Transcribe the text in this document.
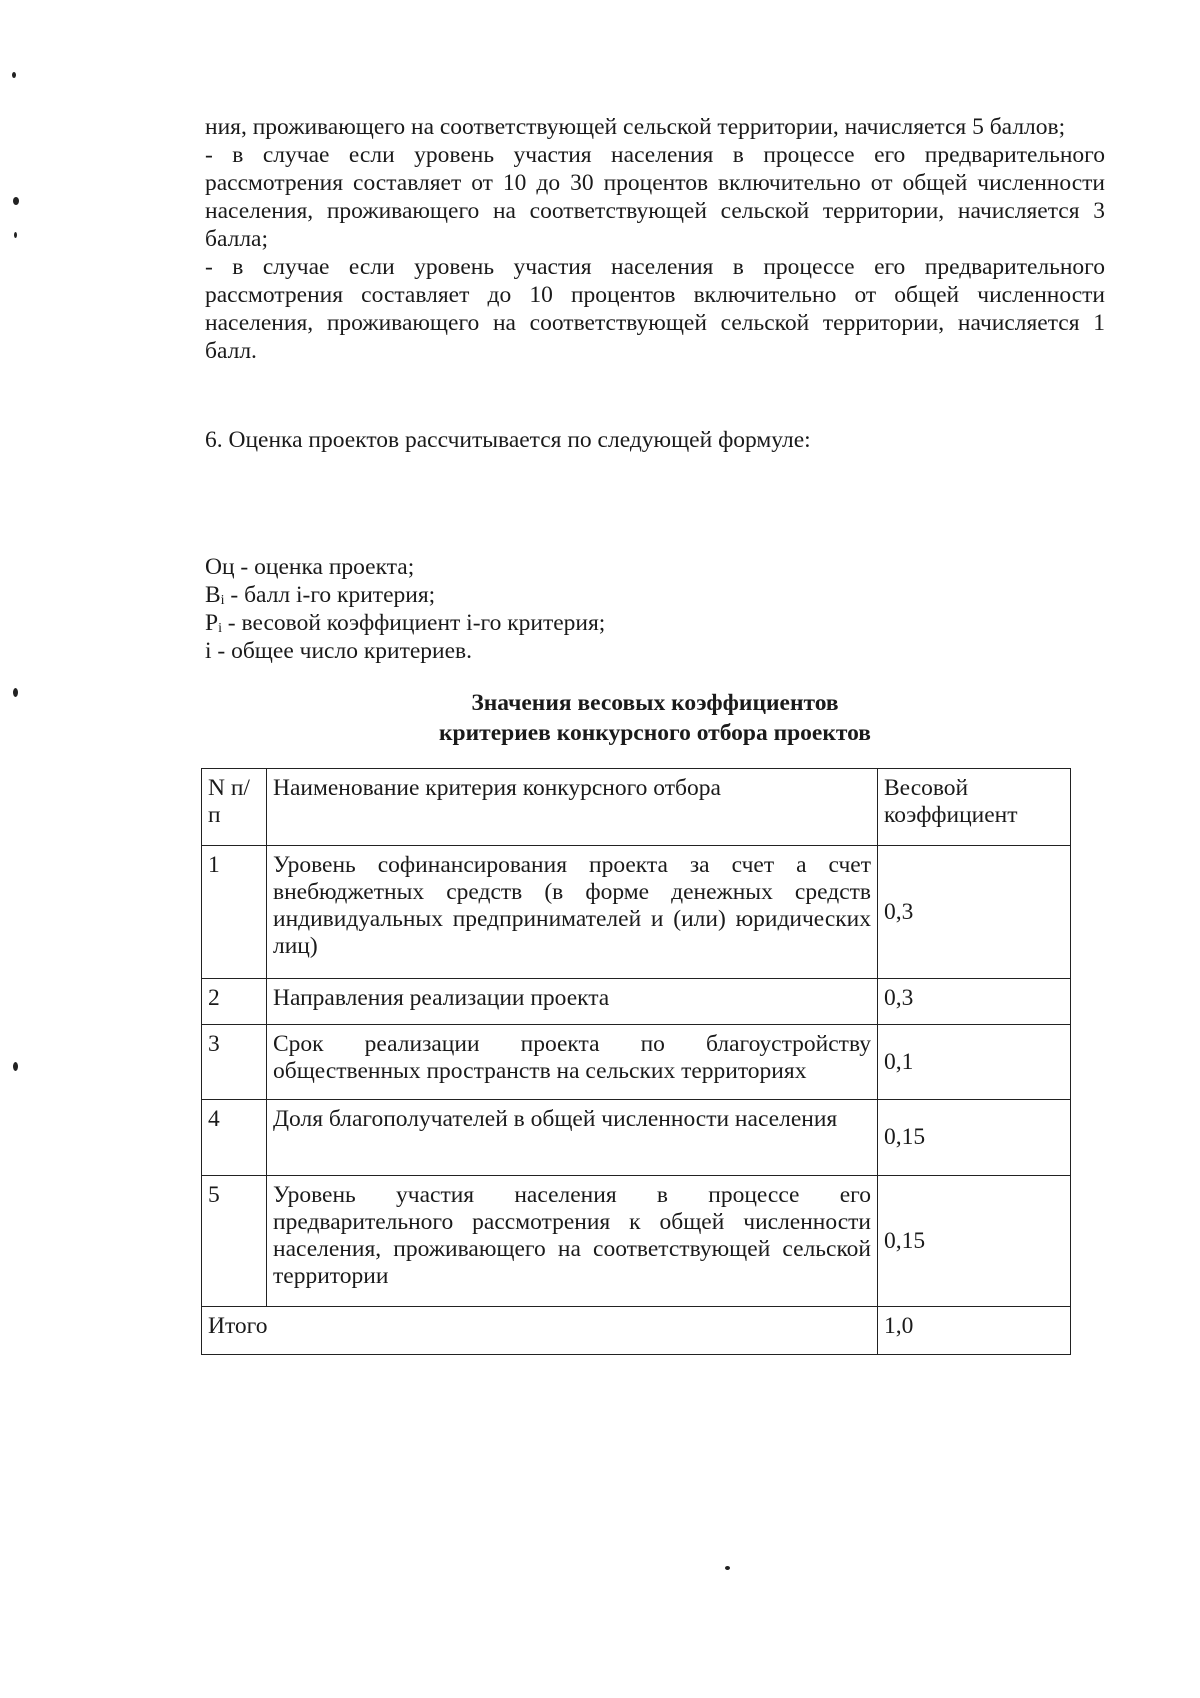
ния, проживающего на соответствующей сельской территории, начисляется 5 баллов;
- в случае если уровень участия населения в процессе его предварительного рассмотрения составляет от 10 до 30 процентов включительно от общей численности населения, проживающего на соответствующей сельской территории, начисляется 3 балла;
- в случае если уровень участия населения в процессе его предварительного рассмотрения составляет до 10 процентов включительно от общей численности населения, проживающего на соответствующей сельской территории, начисляется 1 балл.

6. Оценка проектов рассчитывается по следующей формуле:

Оц - оценка проекта;
Bᵢ - балл i-го критерия;
Pᵢ - весовой коэффициент i-го критерия;
i - общее число критериев.
Значения весовых коэффициентов
критериев конкурсного отбора проектов
N п/п	Наименование критерия конкурсного отбора	Весовой коэффициент
1	Уровень софинансирования проекта за счет а счет внебюджетных средств (в форме денежных средств индивидуальных предпринимателей и (или) юридических лиц)	0,3
2	Направления реализации проекта	0,3
3	Срок реализации проекта по благоустройству общественных пространств на сельских территориях	0,1
4	Доля благополучателей в общей численности населения	0,15
5	Уровень участия населения в процессе его предварительного рассмотрения к общей численности населения, проживающего на соответствующей сельской территории	0,15
Итого		1,0
